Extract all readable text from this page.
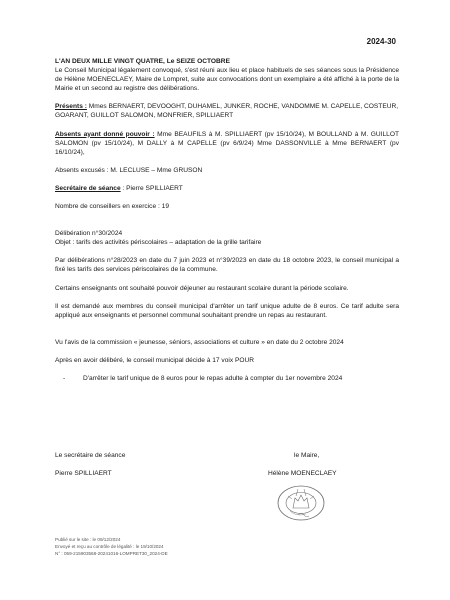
2024-30

L'AN DEUX MILLE VINGT QUATRE, Le SEIZE OCTOBRE

Le Conseil Municipal légalement convoqué, s'est réuni aux lieu et place habituels de ses séances sous la Présidence de Hélène MOENECLAEY, Maire de Lompret, suite aux convocations dont un exemplaire a été affiché à la porte de la Mairie et un second au registre des délibérations.

Présents : Mmes BERNAERT, DEVOOGHT, DUHAMEL, JUNKER, ROCHE, VANDOMME M. CAPELLE, COSTEUR, GOARANT, GUILLOT SALOMON, MONFRIER, SPILLIAERT

Absents ayant donné pouvoir : Mme BEAUFILS à M. SPILLIAERT (pv 15/10/24), M BOULLAND à M. GUILLOT SALOMON (pv 15/10/24), M DALLY à M CAPELLE (pv 6/9/24) Mme DASSONVILLE à Mme BERNAERT (pv 16/10/24),

Absents excusés : M. LECLUSE – Mme GRUSON

Secrétaire de séance : Pierre SPILLIAERT

Nombre de conseillers en exercice : 19

Délibération n°30/2024

Objet : tarifs des activités périscolaires – adaptation de la grille tarifaire

Par délibérations n°28/2023 en date du 7 juin 2023 et n°39/2023 en date du 18 octobre 2023, le conseil municipal a fixé les tarifs des services périscolaires de la commune.

Certains enseignants ont souhaité pouvoir déjeuner au restaurant scolaire durant la période scolaire.

Il est demandé aux membres du conseil municipal d'arrêter un tarif unique adulte de 8 euros. Ce tarif adulte sera appliqué aux enseignants et personnel communal souhaitant prendre un repas au restaurant.

Vu l'avis de la commission « jeunesse, séniors, associations et culture » en date du 2 octobre 2024

Après en avoir délibéré, le conseil municipal décide à 17 voix POUR

-	D'arrêter le tarif unique de 8 euros pour le repas adulte à compter du 1er novembre 2024
Le secrétaire de séance
Pierre SPILLIAERT
le Maire,
Hélène MOENECLAEY
Publié sur le site : le 09/12/2024
Envoyé et reçu au contrôle de légalité : le 19/10/2024
N° : 059-215903568-20241016-LOMPRET30_2024-DE
